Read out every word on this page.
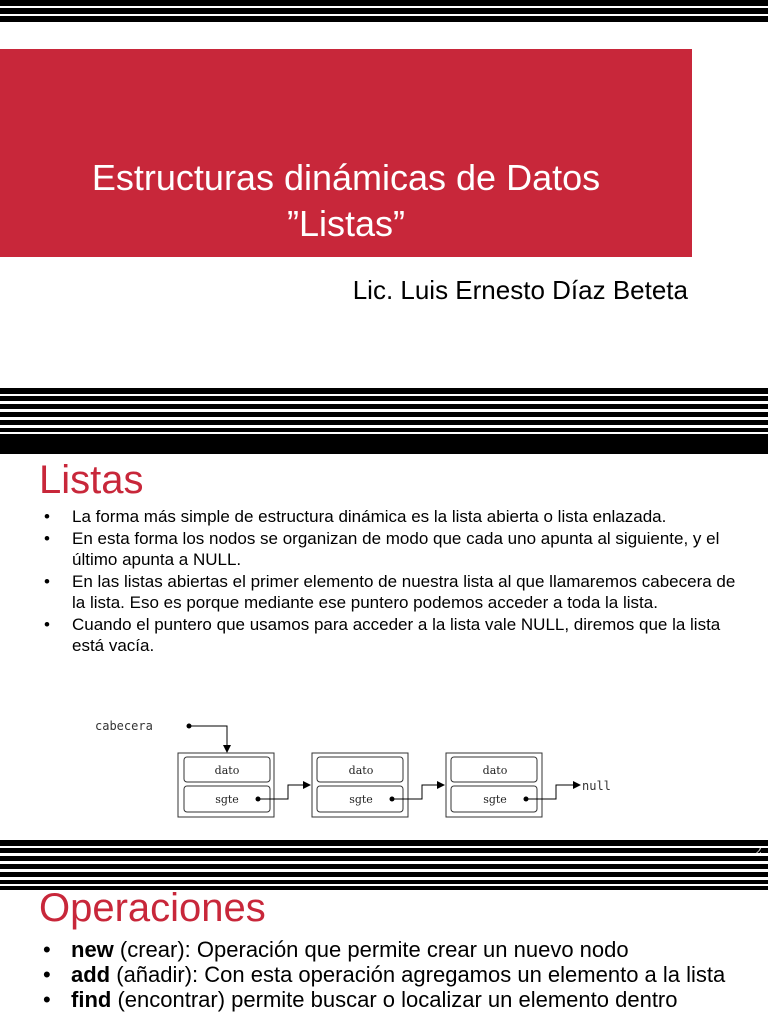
Estructuras dinámicas de Datos
”Listas”
Lic. Luis Ernesto Díaz Beteta
Listas
• La forma más simple de estructura dinámica es la lista abierta o lista enlazada.
• En esta forma los nodos se organizan de modo que cada uno apunta al siguiente, y el último apunta a NULL.
• En las listas abiertas el primer elemento de nuestra lista al que llamaremos cabecera de la lista. Eso es porque mediante ese puntero podemos acceder a toda la lista.
• Cuando el puntero que usamos para acceder a la lista vale NULL, diremos que la lista está vacía.
cabecera
dato
sgte
dato
sgte
dato
sgte
null
2
Operaciones
• new (crear): Operación que permite crear un nuevo nodo
• add (añadir): Con esta operación agregamos un elemento a la lista
• find (encontrar) permite buscar o localizar un elemento dentro
